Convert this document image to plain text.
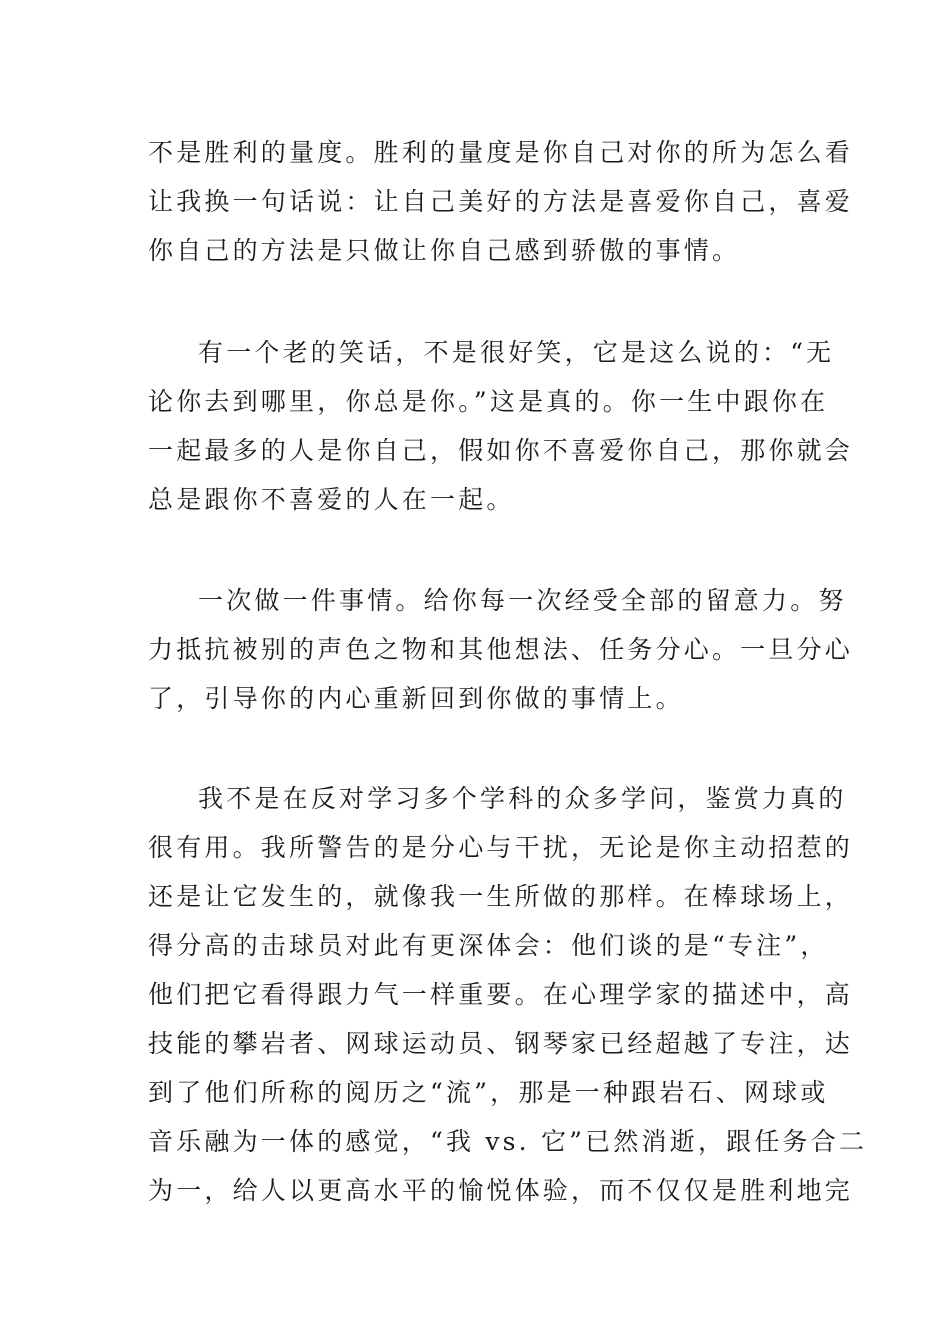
不是胜利的量度。胜利的量度是你自己对你的所为怎么看
让我换一句话说：让自己美好的方法是喜爱你自己，喜爱
你自己的方法是只做让你自己感到骄傲的事情。
有一个老的笑话，不是很好笑，它是这么说的：“无
论你去到哪里，你总是你。”这是真的。你一生中跟你在
一起最多的人是你自己，假如你不喜爱你自己，那你就会
总是跟你不喜爱的人在一起。
一次做一件事情。给你每一次经受全部的留意力。努
力抵抗被别的声色之物和其他想法、任务分心。一旦分心
了，引导你的内心重新回到你做的事情上。
我不是在反对学习多个学科的众多学问，鉴赏力真的
很有用。我所警告的是分心与干扰，无论是你主动招惹的
还是让它发生的，就像我一生所做的那样。在棒球场上，
得分高的击球员对此有更深体会：他们谈的是“专注”，
他们把它看得跟力气一样重要。在心理学家的描述中，高
技能的攀岩者、网球运动员、钢琴家已经超越了专注，达
到了他们所称的阅历之“流”，那是一种跟岩石、网球或
音乐融为一体的感觉，“我 vs. 它”已然消逝，跟任务合二
为一，给人以更高水平的愉悦体验，而不仅仅是胜利地完
